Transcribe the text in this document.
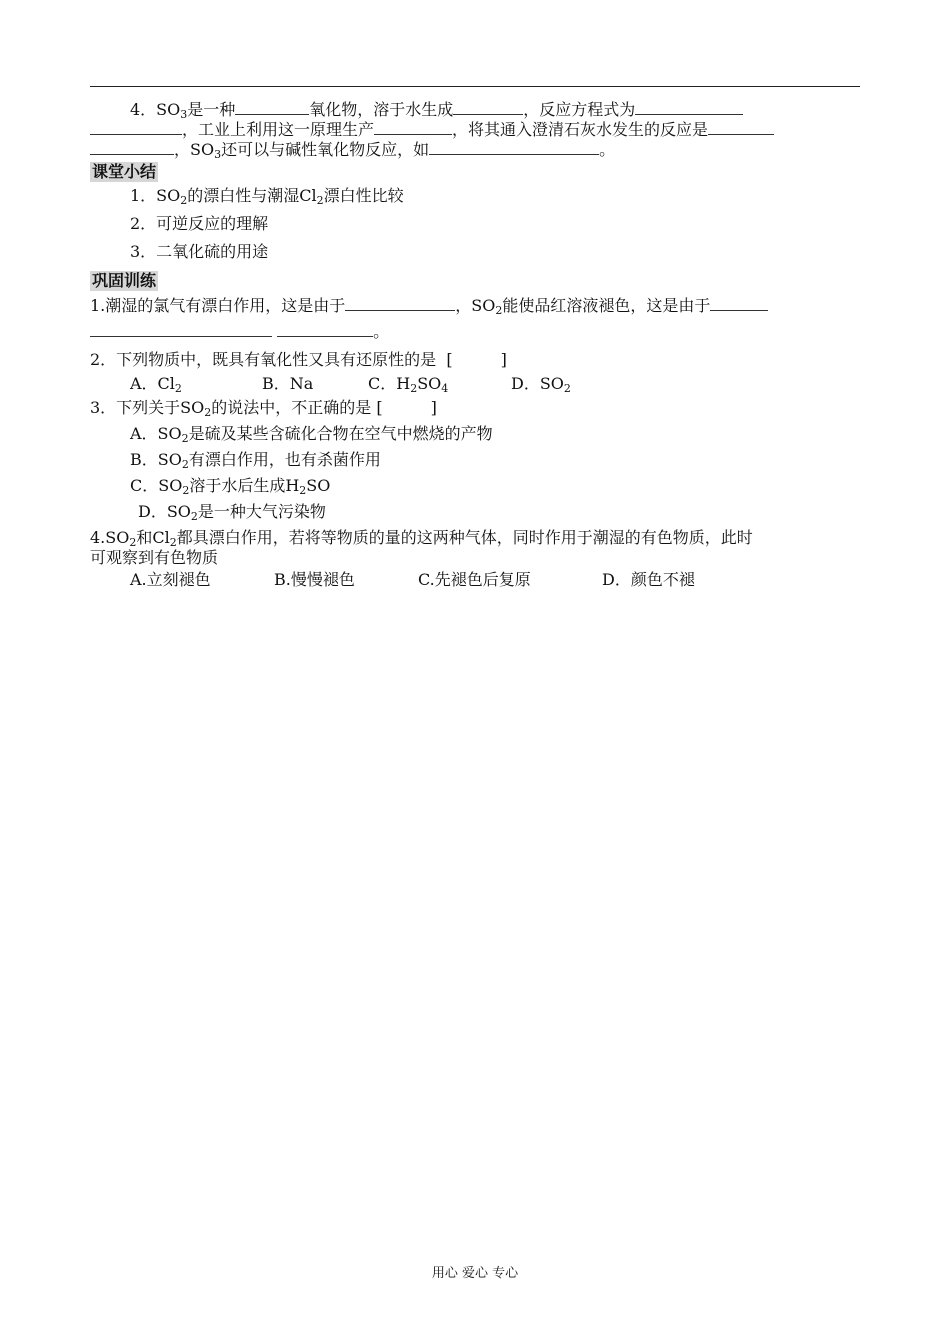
4．$SO_3$是一种	氧化物，溶于水生成	，反应方程式为
，工业上利用这一原理生产	，将其通入澄清石灰水发生的反应是
，$SO_3$还可以与碱性氧化物反应，如	。
课堂小结
1．$SO_2$的漂白性与潮湿$Cl_2$漂白性比较
2．可逆反应的理解
3．二氧化硫的用途
巩固训练
1.潮湿的氯气有漂白作用，这是由于	，$SO_2$能使品红溶液褪色，这是由于
。
2．下列物质中，既具有氧化性又具有还原性的是 [　　　]
A．$Cl_2$	B．Na	C．$H_2SO_4$	D．$SO_2$
3．下列关于$SO_2$的说法中，不正确的是 [　　　]
A．$SO_2$是硫及某些含硫化合物在空气中燃烧的产物
B．$SO_2$有漂白作用，也有杀菌作用
C．$SO_2$溶于水后生成$H_2SO$
D．$SO_2$是一种大气污染物
$4.SO_2$和$Cl_2$都具漂白作用，若将等物质的量的这两种气体，同时作用于潮湿的有色物质，此时
可观察到有色物质
A.立刻褪色	B.慢慢褪色	C.先褪色后复原	D．颜色不褪
用心 爱心 专心
